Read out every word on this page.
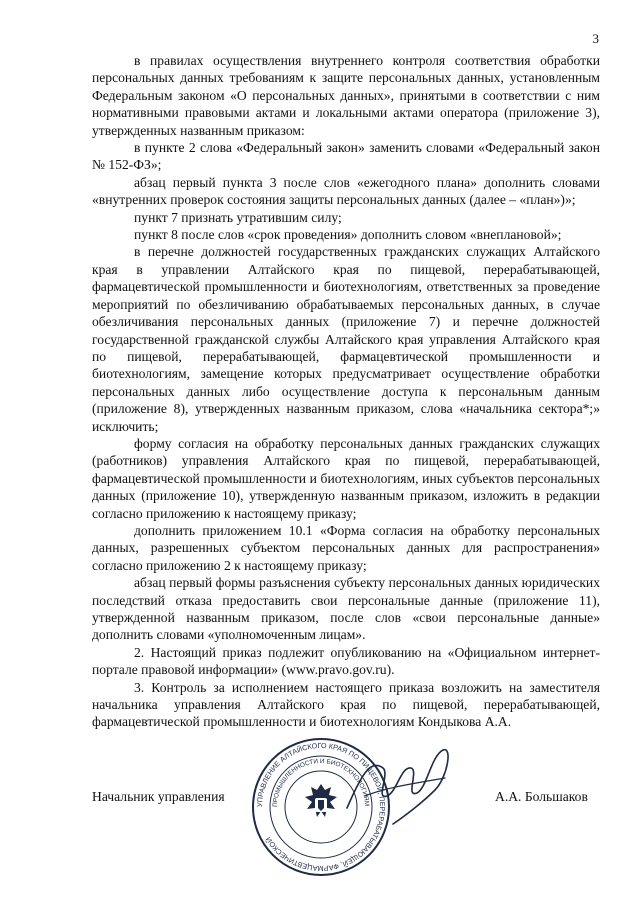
3

в правилах осуществления внутреннего контроля соответствия обработки персональных данных требованиям к защите персональных данных, установленным Федеральным законом «О персональных данных», принятыми в соответствии с ним нормативными правовыми актами и локальными актами оператора (приложение 3), утвержденных названным приказом:

в пункте 2 слова «Федеральный закон» заменить словами «Федеральный закон № 152-ФЗ»;

абзац первый пункта 3 после слов «ежегодного плана» дополнить словами «внутренних проверок состояния защиты персональных данных (далее – «план»)»;

пункт 7 признать утратившим силу;

пункт 8 после слов «срок проведения» дополнить словом «внеплановой»;

в перечне должностей государственных гражданских служащих Алтайского края в управлении Алтайского края по пищевой, перерабатывающей, фармацевтической промышленности и биотехнологиям, ответственных за проведение мероприятий по обезличиванию обрабатываемых персональных данных, в случае обезличивания персональных данных (приложение 7) и перечне должностей государственной гражданской службы Алтайского края управления Алтайского края по пищевой, перерабатывающей, фармацевтической промышленности и биотехнологиям, замещение которых предусматривает осуществление обработки персональных данных либо осуществление доступа к персональным данным (приложение 8), утвержденных названным приказом, слова «начальника сектора*;» исключить;

форму согласия на обработку персональных данных гражданских служащих (работников) управления Алтайского края по пищевой, перерабатывающей, фармацевтической промышленности и биотехнологиям, иных субъектов персональных данных (приложение 10), утвержденную названным приказом, изложить в редакции согласно приложению к настоящему приказу;

дополнить приложением 10.1 «Форма согласия на обработку персональных данных, разрешенных субъектом персональных данных для распространения» согласно приложению 2 к настоящему приказу;

абзац первый формы разъяснения субъекту персональных данных юридических последствий отказа предоставить свои персональные данные (приложение 11), утвержденной названным приказом, после слов «свои персональные данные» дополнить словами «уполномоченным лицам».

2. Настоящий приказ подлежит опубликованию на «Официальном интернет-портале правовой информации» (www.pravo.gov.ru).

3. Контроль за исполнением настоящего приказа возложить на заместителя начальника управления Алтайского края по пищевой, перерабатывающей, фармацевтической промышленности и биотехнологиям Кондыкова А.А.

Начальник управления
УПРАВЛЕНИЕ АЛТАЙСКОГО КРАЯ ПО ПИЩЕВОЙ, ПЕРЕРАБАТЫВАЮЩЕЙ, ФАРМАЦЕВТИЧЕСКОЙ
ПРОМЫШЛЕННОСТИ И БИОТЕХНОЛОГИЯМ	А.А. Большаков
